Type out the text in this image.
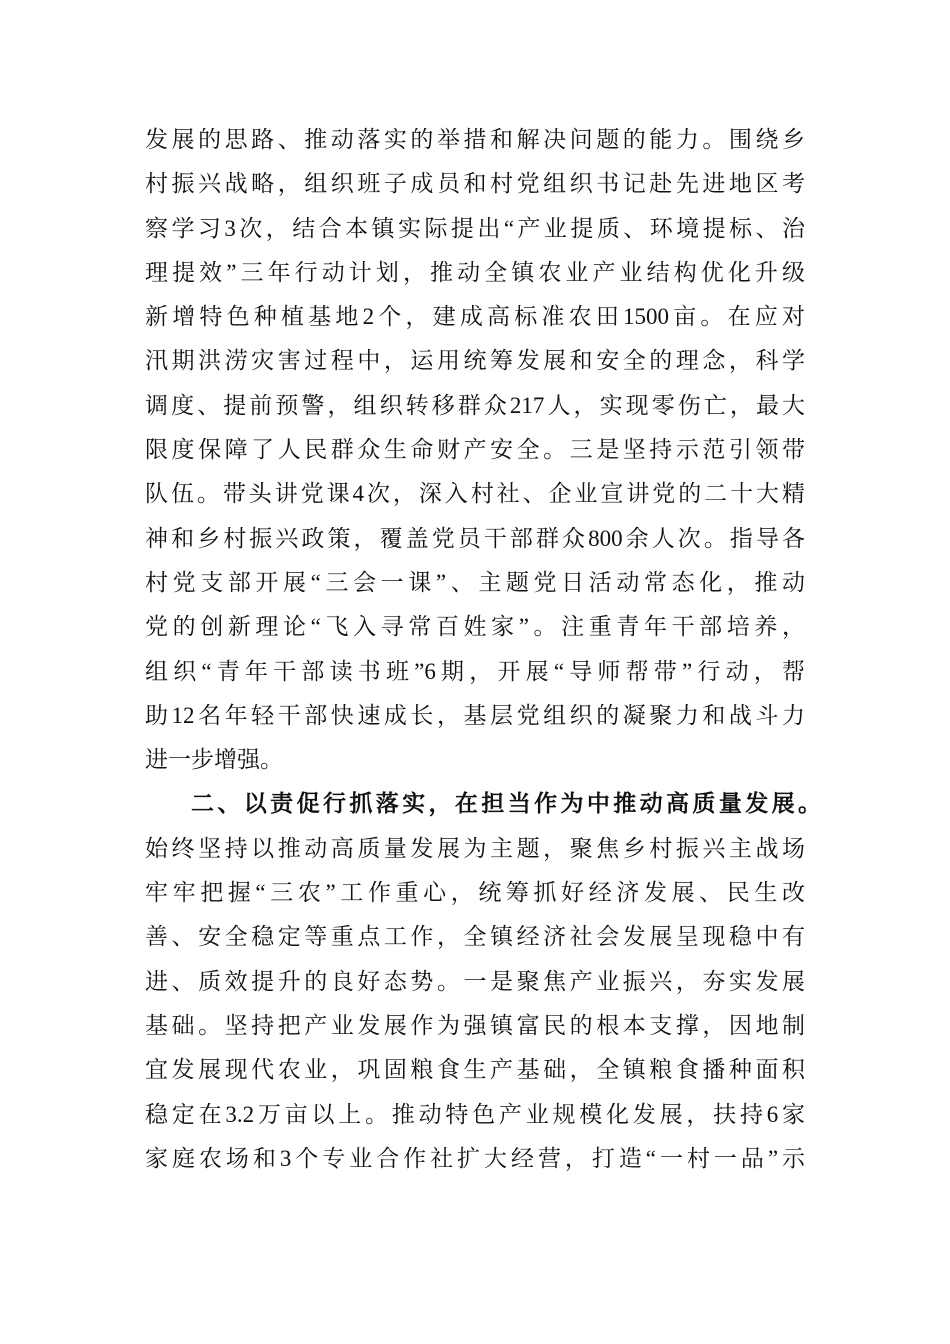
发展的思路、推动落实的举措和解决问题的能力。围绕乡
村振兴战略，组织班子成员和村党组织书记赴先进地区考
察学习3次，结合本镇实际提出“产业提质、环境提标、治
理提效”三年行动计划，推动全镇农业产业结构优化升级
新增特色种植基地2个，建成高标准农田1500亩。在应对
汛期洪涝灾害过程中，运用统筹发展和安全的理念，科学
调度、提前预警，组织转移群众217人，实现零伤亡，最大
限度保障了人民群众生命财产安全。三是坚持示范引领带
队伍。带头讲党课4次，深入村社、企业宣讲党的二十大精
神和乡村振兴政策，覆盖党员干部群众800余人次。指导各
村党支部开展“三会一课”、主题党日活动常态化，推动
党的创新理论“飞入寻常百姓家”。注重青年干部培养，
组织“青年干部读书班”6期，开展“导师帮带”行动，帮
助12名年轻干部快速成长，基层党组织的凝聚力和战斗力
进一步增强。
二、以责促行抓落实，在担当作为中推动高质量发展。
始终坚持以推动高质量发展为主题，聚焦乡村振兴主战场
牢牢把握“三农”工作重心，统筹抓好经济发展、民生改
善、安全稳定等重点工作，全镇经济社会发展呈现稳中有
进、质效提升的良好态势。一是聚焦产业振兴，夯实发展
基础。坚持把产业发展作为强镇富民的根本支撑，因地制
宜发展现代农业，巩固粮食生产基础，全镇粮食播种面积
稳定在3.2万亩以上。推动特色产业规模化发展，扶持6家
家庭农场和3个专业合作社扩大经营，打造“一村一品”示
